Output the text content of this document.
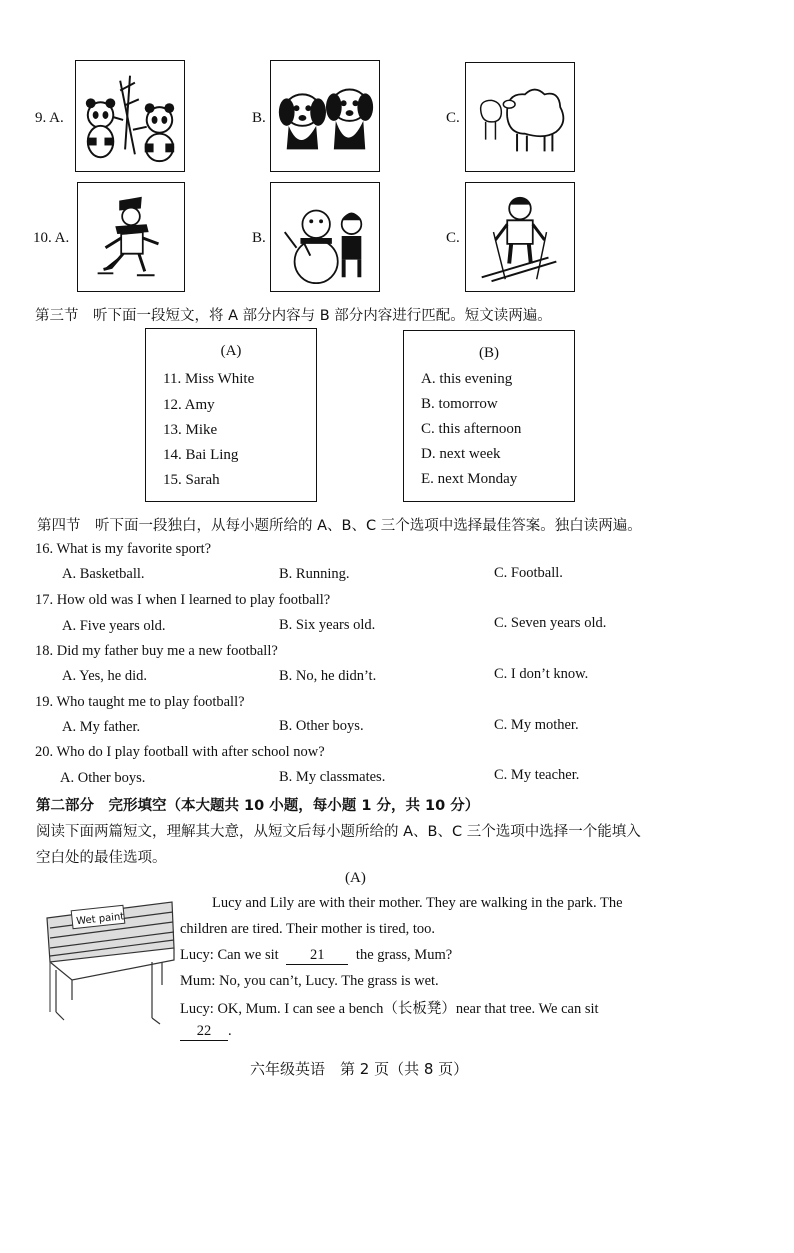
9. A.	B.	C.
10. A.	B.	C.
第三节　听下面一段短文，将 A 部分内容与 B 部分内容进行匹配。短文读两遍。
(A)
11. Miss White
12. Amy
13. Mike
14. Bai Ling
15. Sarah
(B)
A. this evening
B. tomorrow
C. this afternoon
D. next week
E. next Monday
第四节　听下面一段独白，从每小题所给的 A、B、C 三个选项中选择最佳答案。独白读两遍。
16. What is my favorite sport?
A. Basketball.	B. Running.	C. Football.
17. How old was I when I learned to play football?
A. Five years old.	B. Six years old.	C. Seven years old.
18. Did my father buy me a new football?
A. Yes, he did.	B. No, he didn’t.	C. I don’t know.
19. Who taught me to play football?
A. My father.	B. Other boys.	C. My mother.
20. Who do I play football with after school now?
A. Other boys.	B. My classmates.	C. My teacher.
第二部分　完形填空（本大题共 10 小题，每小题 1 分，共 10 分）
阅读下面两篇短文，理解其大意，从短文后每小题所给的 A、B、C 三个选项中选择一个能填入
空白处的最佳选项。
(A)
Wet paint
Lucy and Lily are with their mother. They are walking in the park. The
children are tired. Their mother is tired, too.
Lucy: Can we sit 21 the grass, Mum?
Mum: No, you can’t, Lucy. The grass is wet.
Lucy: OK, Mum. I can see a bench（长板凳）near that tree. We can sit
22 .
六年级英语　第 2 页（共 8 页）
